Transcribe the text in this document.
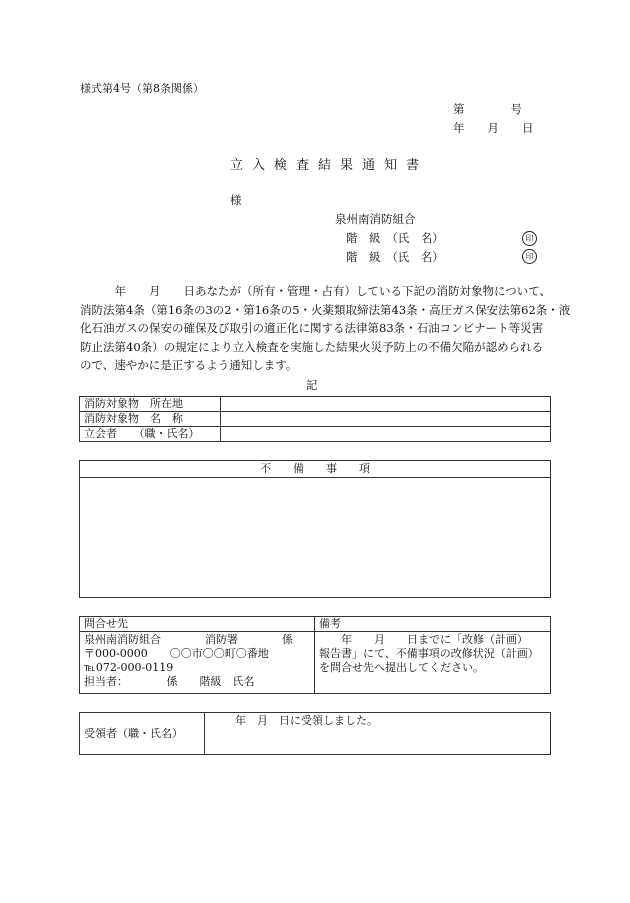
様式第4号（第8条関係）
第　　　　号
年　　月　　日
立入検査結果通知書
様
泉州南消防組合
階　級　（氏　名）	印
階　級　（氏　名）	印
　　　年　　月　　日あなたが（所有・管理・占有）している下記の消防対象物について、
消防法第4条（第16条の3の2・第16条の5・火薬類取締法第43条・高圧ガス保安法第62条・液
化石油ガスの保安の確保及び取引の適正化に関する法律第83条・石油コンビナート等災害
防止法第40条）の規定により立入検査を実施した結果火災予防上の不備欠陥が認められる
ので、速やかに是正するよう通知します。
記
消防対象物　所在地	
消防対象物　名　称	
立会者　　（職・氏名）	
不　　備　　事　　項
問合せ先	備考

泉州南消防組合　　　　消防署　　　　係
〒000-0000　　〇〇市〇〇町〇番地
℡072-000-0119
担当者：　　　　係　　階級　氏名	　　年　　月　　日までに「改修（計画）
報告書」にて、不備事項の改修状況（計画）
を問合せ先へ提出してください。
受領者（職・氏名）	年　月　日に受領しました。
